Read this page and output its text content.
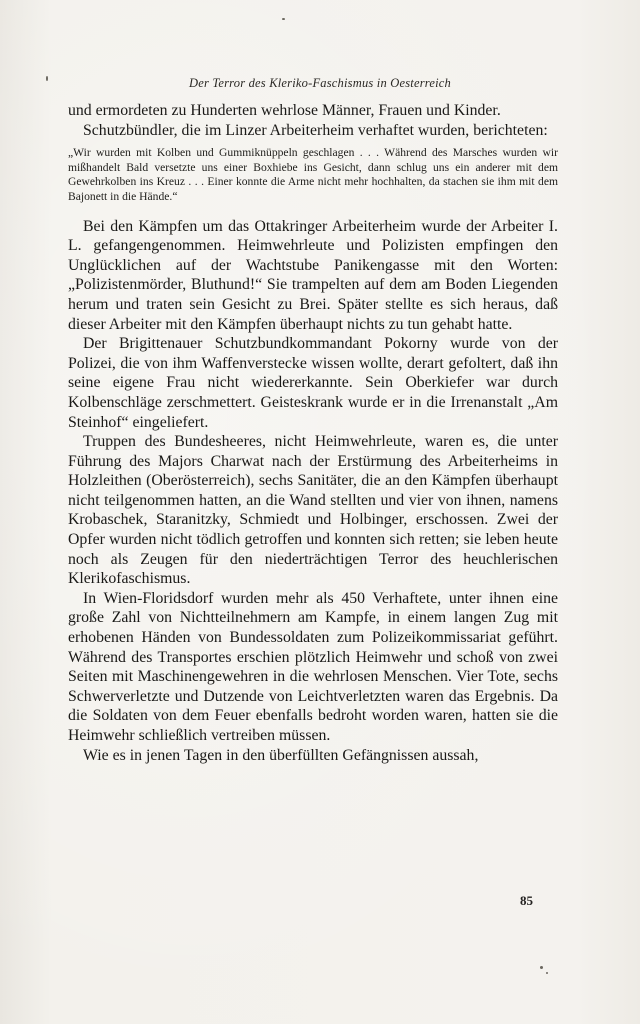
Der Terror des Kleriko-Faschismus in Oesterreich

und ermordeten zu Hunderten wehrlose Männer, Frauen und Kinder.

Schutzbündler, die im Linzer Arbeiterheim verhaftet wurden, berichteten:

„Wir wurden mit Kolben und Gummiknüppeln geschlagen . . . Während des Marsches wurden wir mißhandelt Bald versetzte uns einer Boxhiebe ins Gesicht, dann schlug uns ein anderer mit dem Gewehrkolben ins Kreuz . . . Einer konnte die Arme nicht mehr hochhalten, da stachen sie ihm mit dem Bajonett in die Hände.“

Bei den Kämpfen um das Ottakringer Arbeiterheim wurde der Arbeiter I. L. gefangengenommen. Heimwehrleute und Polizisten empfingen den Unglücklichen auf der Wachtstube Panikengasse mit den Worten: „Polizistenmörder, Bluthund!“ Sie trampelten auf dem am Boden Liegenden herum und traten sein Gesicht zu Brei. Später stellte es sich heraus, daß dieser Arbeiter mit den Kämpfen überhaupt nichts zu tun gehabt hatte.

Der Brigittenauer Schutzbundkommandant Pokorny wurde von der Polizei, die von ihm Waffenverstecke wissen wollte, derart gefoltert, daß ihn seine eigene Frau nicht wiedererkannte. Sein Oberkiefer war durch Kolbenschläge zerschmettert. Geisteskrank wurde er in die Irrenanstalt „Am Steinhof“ eingeliefert.

Truppen des Bundesheeres, nicht Heimwehrleute, waren es, die unter Führung des Majors Charwat nach der Erstürmung des Arbeiterheims in Holzleithen (Oberösterreich), sechs Sanitäter, die an den Kämpfen überhaupt nicht teilgenommen hatten, an die Wand stellten und vier von ihnen, namens Krobaschek, Staranitzky, Schmiedt und Holbinger, erschossen. Zwei der Opfer wurden nicht tödlich getroffen und konnten sich retten; sie leben heute noch als Zeugen für den niederträchtigen Terror des heuchlerischen Klerikofaschismus.

In Wien-Floridsdorf wurden mehr als 450 Verhaftete, unter ihnen eine große Zahl von Nichtteilnehmern am Kampfe, in einem langen Zug mit erhobenen Händen von Bundessoldaten zum Polizeikommissariat geführt. Während des Transportes erschien plötzlich Heimwehr und schoß von zwei Seiten mit Maschinengewehren in die wehrlosen Menschen. Vier Tote, sechs Schwerverletzte und Dutzende von Leichtverletzten waren das Ergebnis. Da die Soldaten von dem Feuer ebenfalls bedroht worden waren, hatten sie die Heimwehr schließlich vertreiben müssen.

Wie es in jenen Tagen in den überfüllten Gefängnissen aussah,

85
